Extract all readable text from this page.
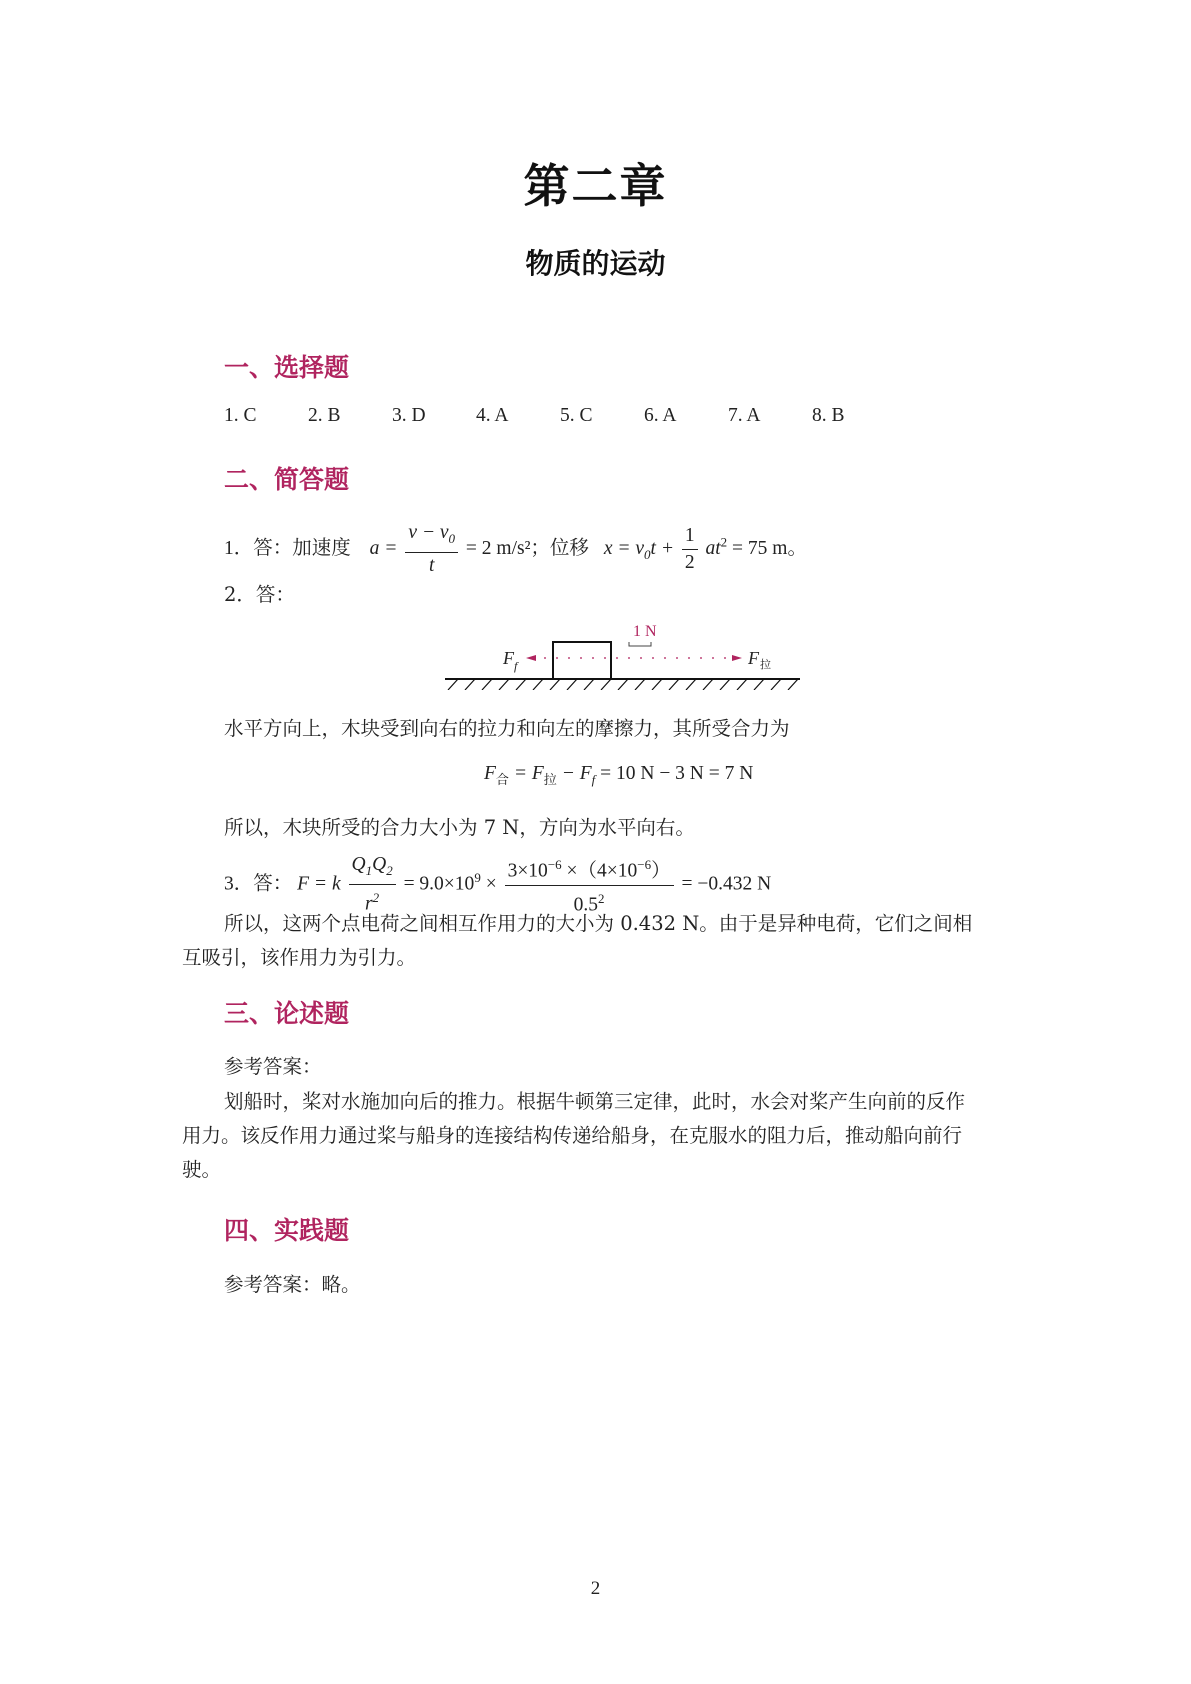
第二章
物质的运动
一、选择题
1. C	2. B	3. D	4. A	5. C	6. A	7. A	8. B
二、简答题
1．答：加速度 $a = \frac{v - v_0}{t} = 2$ m/s²；位移 $x = v_0t + \frac{1}{2} at^2 = 75$ m。
2．答：
1 N
F f	F 拉
水平方向上，木块受到向右的拉力和向左的摩擦力，其所受合力为
$F_合 = F_拉 - F_f = 10$ N − 3 N = 7 N
所以，木块所受的合力大小为 7 N，方向为水平向右。
3．答： F = k $\frac{Q_1Q_2}{r^2} = 9.0\times 10^9 \times \frac{3\times 10^{-6} \times(4\times 10^{-6})}{0.5^2} = -0.432$ N
所以，这两个点电荷之间相互作用力的大小为 0.432 N。由于是异种电荷，它们之间相
互吸引，该作用力为引力。
三、论述题
参考答案：
划船时，桨对水施加向后的推力。根据牛顿第三定律，此时，水会对桨产生向前的反作
用力。该反作用力通过桨与船身的连接结构传递给船身，在克服水的阻力后，推动船向前行
驶。
四、实践题
参考答案：略。
2
